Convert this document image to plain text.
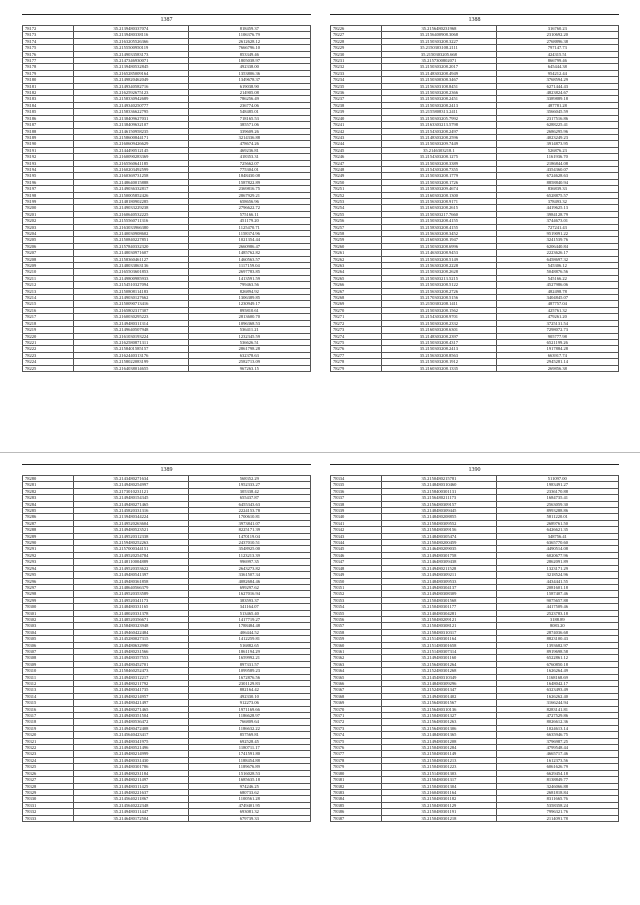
1387
78172	35.2139480337074	818459.37
78173	35.2139480338116	1106376.79
78174	35.2163205526366	2612628.12
78175	35.2155500950119	7666796.10
78176	35.2149033583173	853349.46
78177	35.2147346930071	1805038.97
78178	35.2139480532845	492338.00
78179	35.2165285009164	1353806.36
78180	35.2149820462049	1349678.37
78181	35.2149340582716	619038.90
78182	35.2162592675123	214905.08
78183	35.2158330942689	786256.49
78184	35.2149340250777	236774.06
78185	35.2158336622795	548485.01
78186	35.2138409627031	718165.53
78187	35.2138409632107	385571.06
78188	35.2146150958235	339609.26
78189	35.2158600844171	3214336.88
78190	35.2160609426629	478674.26
78191	35.2144490512145	469236.81
78192	35.2160090283369	418353.31
78193	35.2165560641185	725662.07
78194	35.2160203492599	775304.01
78195	35.2160369731258	1848430.08
78196	35.2148640015888	1587822.89
78197	35.2149036332817	2369816.75
78198	35.2150005852426	2867929.21
78199	35.2148180902285	658656.96
78200	35.2149033229238	2796622.72
78201	35.2160640532225	575166.11
78202	35.2155560711316	451179.20
78203	35.2163033966380	1125470.71
78204	35.2140030908602	1158374.96
78205	35.2150840227851	1021354.44
78206	35.2157840332320	2660986.47
78207	35.2148030971607	1485762.82
78208	35.2158360461127	1460563.57
78209	35.2148033863136	1117159.04
78210	35.2165503601853	2697783.85
78211	35.2149800985933	1413591.59
78212	35.2154510327094	799463.56
78213	35.2150808114183	826894.92
78214	35.2149030127662	1306389.85
78215	35.2150090713416	1230949.17
78216	35.2165802317307	895810.61
78217	35.2160030295223	2813600.70
78218	35.2149480311314	1096368.53
78219	35.2149640507948	536411.21
78220	35.2161030193224	1232345.59
78221	35.2162580871311	536626.51
78222	35.2158401585157	2861798.28
78223	35.2162440313176	632378.63
78224	35.2158022083199	2582713.09
78225	35.2164038014655	967263.15
1388
78226	35.2156480231968	316760.23
78227	35.2156400908.3068	2310692.20
78228	35.2150303208.3227	2768896.38
78229	35.2150303108.2111	797147.73
78230	35.2150303205.668	424315.51
78231	35.2157300802071	866799.46
78232	35.2150303208.2017	645444.38
78233	35.2148303208.4949	954212.44
78234	35.2150300308.3467	3768594.29
78235	35.2156303108.8451	6271444.43
78236	35.2150303208.2366	4823824.67
78237	35.2150303208.2451	3389889.18
78238	35.2150303208.2413	487781.28
78239	35.2155808313.2411	3566045.59
78240	35.2150303205.7992	2317516.86
78241	35.2163303213.5798	6288225.41
78242	35.2154303208.2497	2686295.96
78243	35.2148303208.2596	4023249.23
78244	35.2150303209.7449	3914873.95
78245	35.2146303218.1	526876.23
78246	35.2154303208.1275	1161936.70
78247	35.2150303208.3389	2186844.08
78248	35.2154303208.7355	4354360.07
78249	35.2150303208.1779	6724628.63
78250	35.2150303208.1726	8858840.94
78251	35.2158303209.4674	836839.33
78252	35.2160303208.1300	6528875.57
78253	35.2156303208.9171	378493.32
78254	35.2160303208.2615	4419625.13
78255	35.2150303217.7660	3984128.79
78256	35.2150303208.4155	3744673.01
78257	35.2158303208.4155	727241.43
78258	35.2156303208.3452	9519091.22
78259	35.2160303208.1947	3241539.76
78260	35.2150303208.6996	6206440.84
78261	35.2146303208.9453	2223626.17
78262	35.2150303208.5149	6458697.32
78263	35.2156303208.2228	545306.12
78264	35.2150303208.2628	5048876.56
78265	35.2150303213.5215	545166.22
78266	35.2150303208.5122	4527986.06
78267	35.2156303208.2726	482498.78
78268	35.2170303208.5156	3404845.07
78269	35.2150303208.1411	487757.04
78270	35.2150303208.1562	425761.32
78271	35.2154303208.9701	479261.20
78272	35.2150303208.2332	3725131.54
78273	35.2160303208.6301	7298072.73
78274	35.2148303208.2397	905777.98
78275	35.2150303208.4317	6521199.26
78276	35.2150303208.2413	1917884.28
78277	35.2156303208.8563	663917.74
78278	35.2150303208.1912	2945281.14
78279	35.2160303208.1335	269856.38
1389
78280	35.2143480271634	568352.29
78281	35.2149480254997	1952333.27
78282	35.2173010231121	305338.42
78283	35.2149480154345	655437.87
78284	35.2149480271465	6455343.63
78285	35.2145820331316	2224153.78
78286	35.2139480344224	1700610.81
78287	35.2149520263604	3973841.07
78288	35.2149480523521	8225171.39
78289	35.2149520312338	1470119.04
78290	35.2159480252263	2437010.51
78291	35.2157000344151	3548925.00
78292	35.2149520254784	1123213.39
78293	35.2148110004889	996997.35
78294	35.2149520353622	2643273.82
78295	35.2149480541397	3361507.34
78296	35.2149480361858	4082684.46
78297	35.2148640566379	699297.62
78298	35.2149520353589	1627016.94
78299	35.2149520341173	383593.37
78300	35.2148480331165	341164.07
78301	35.2148020331378	513465.40
78302	35.2148520356671	1417719.27
78303	35.2158480323948	1788484.48
78304	35.2149460422484	406444.52
78305	35.2145280027315	1412259.81
78306	35.2149480632990	516882.65
78307	35.2149480231566	1861194.29
78308	35.2149480357553	1659992.21
78309	35.2149480452701	897331.57
78310	35.2158460252473	1099589.23
78311	35.2149480312217	1672876.56
78312	35.2149480211792	2301129.83
78313	35.2149480341735	882164.42
78314	35.2149480214957	492330.10
78315	35.2149480421497	912273.06
78316	35.2149480271465	1971169.66
78317	35.2149480351504	1186628.97
78318	35.2149480536472	766809.64
78319	35.2149480472408	1186632.22
78320	35.2145640423417	857569.81
78321	35.2149480341975	692528.45
78322	35.2149480521496	1180711.17
78323	35.2149480214999	1741591.80
78324	35.2149480331430	1188454.88
78325	35.2149480301786	1189676.89
78326	35.2149480231184	1516028.53
78327	35.2149480211497	1685635.18
78328	35.2149480311425	974246.25
78329	35.2149480221637	680733.62
78330	35.2145640211867	1100561.28
78331	35.2145640222348	4749401.95
78332	35.2149480311447	693081.32
78333	35.2146480172504	679739.33
1390
78334	35.2150480215781	511097.00
78335	35.2148480310460	1983491.27
78336	35.2158400301131	2336170.88
78337	35.2156480211173	1684735.41
78338	35.2156480309157	2563059.30
78339	35.2148480309445	8993288.86
78340	35.2148480208855	5811220.01
78341	35.2158480309552	2689761.50
78342	35.2158480309156	6426621.35
78343	35.2148480305474	348756.41
78344	35.2150480200459	6365770.60
78345	35.2146480209035	4490514.08
78346	35.2149480301758	6020677.96
78347	35.2146480309438	2862091.89
78348	35.2149480211528	1323171.29
78349	35.2149480309211	3218524.96
78350	35.2148480309533	4434441.55
78351	35.2149480304137	2081601.18
78352	35.2149480308309	1587407.46
78353	35.2150480301568	9075657.88
78354	35.2150480301177	4417509.46
78355	35.2140480304281	2523783.18
78356	35.2150480209121	3188.89
78357	35.2150480308121	8083.20
78358	35.2158480310317	2874036.68
78359	35.2151480301164	8823100.43
78360	35.2151480301658	1393682.97
78361	35.2151480307314	8919698.58
78362	35.2149480301160	6522861.12
78363	35.2156480301264	6760850.18
78364	35.2152480301268	1626264.49
78365	35.2145480310349	1168168.69
78366	35.2148480309296	1648042.17
78367	35.2152480301347	6323493.49
78368	35.2149480301402	1626262.40
78369	35.2156480301567	3166244.94
78370	35.2156480310136	8283141.81
78371	35.2150480301327	4727529.86
78372	35.2156480301263	8026612.36
78373	35.2156480301306	1024613.14
78374	35.2148480301365	6635946.75
78375	35.2149480301208	3796987.25
78376	35.2150480301284	4799548.44
78377	35.2150480301149	4665717.46
78378	35.2150480301213	1612373.56
78379	35.2150480301223	6061626.79
78380	35.2151480301303	6629454.18
78381	35.2150480301317	8138849.77
78382	35.2150480301304	3246066.88
78383	35.2160480301164	2681818.84
78384	35.2150480301182	8311665.76
78385	35.2150480301129	5358358.24
78386	35.2150480301191	7996321.76
78387	35.2150480301218	2114091.78
